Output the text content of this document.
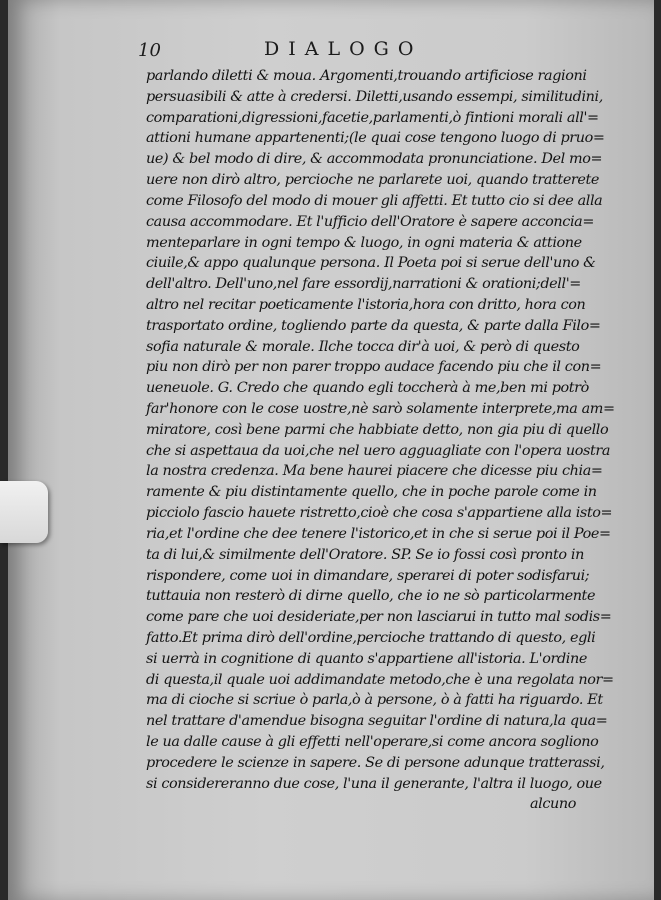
10	DIALOGO
parlando diletti & moua. Argomenti,trouando artificiose ragioni
persuasibili & atte à credersi. Diletti,usando essempi, similitudini,
comparationi,digressioni,facetie,parlamenti,ò fintioni morali all'=
attioni humane appartenenti;(le quai cose tengono luogo di pruo=
ue) & bel modo di dire, & accommodata pronunciatione. Del mo=
uere non dirò altro, percioche ne parlarete uoi, quando tratterete
come Filosofo del modo di mouer gli affetti. Et tutto cio si dee alla
causa accommodare. Et l'ufficio dell'Oratore è sapere acconcia=
menteparlare in ogni tempo & luogo, in ogni materia & attione
ciuile,& appo qualunque persona. Il Poeta poi si serue dell'uno &
dell'altro. Dell'uno,nel fare essordij,narrationi & orationi;dell'=
altro nel recitar poeticamente l'istoria,hora con dritto, hora con
trasportato ordine, togliendo parte da questa, & parte dalla Filo=
sofia naturale & morale. Ilche tocca dir'à uoi, & però di questo
piu non dirò per non parer troppo audace facendo piu che il con=
ueneuole. G. Credo che quando egli toccherà à me,ben mi potrò
far'honore con le cose uostre,nè sarò solamente interprete,ma am=
miratore, così bene parmi che habbiate detto, non gia piu di quello
che si aspettaua da uoi,che nel uero agguagliate con l'opera uostra
la nostra credenza. Ma bene haurei piacere che dicesse piu chia=
ramente & piu distintamente quello, che in poche parole come in
picciolo fascio hauete ristretto,cioè che cosa s'appartiene alla isto=
ria,et l'ordine che dee tenere l'istorico,et in che si serue poi il Poe=
ta di lui,& similmente dell'Oratore. SP. Se io fossi così pronto in
rispondere, come uoi in dimandare, sperarei di poter sodisfarui;
tuttauia non resterò di dirne quello, che io ne sò particolarmente
come pare che uoi desideriate,per non lasciarui in tutto mal sodis=
fatto.Et prima dirò dell'ordine,percioche trattando di questo, egli
si uerrà in cognitione di quanto s'appartiene all'istoria. L'ordine
di questa,il quale uoi addimandate metodo,che è una regolata nor=
ma di cioche si scriue ò parla,ò à persone, ò à fatti ha riguardo. Et
nel trattare d'amendue bisogna seguitar l'ordine di natura,la qua=
le ua dalle cause à gli effetti nell'operare,si come ancora sogliono
procedere le scienze in sapere. Se di persone adunque tratterassi,
si considereranno due cose, l'una il generante, l'altra il luogo, oue
alcuno
